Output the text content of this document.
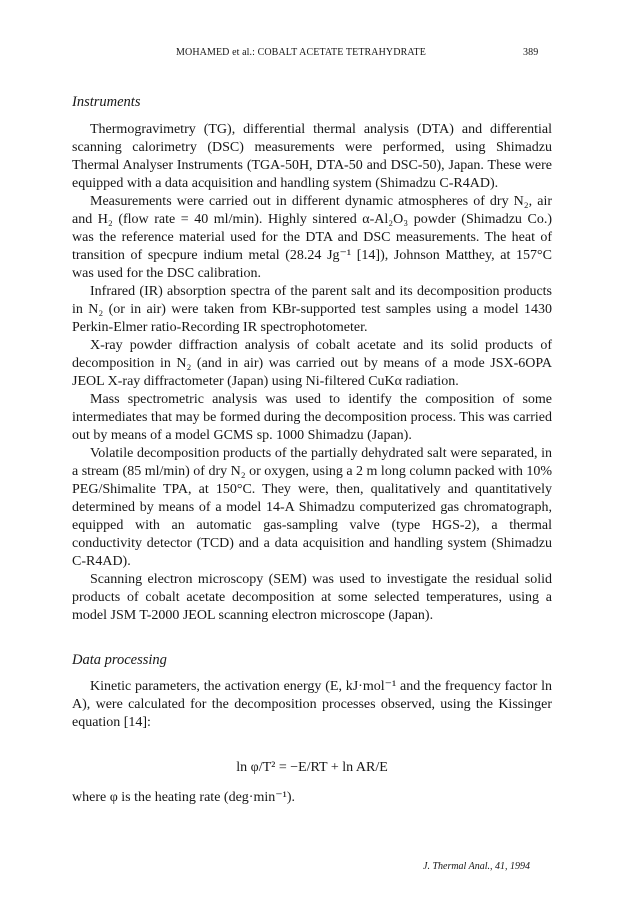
MOHAMED et al.: COBALT ACETATE TETRAHYDRATE	389
Instruments

Thermogravimetry (TG), differential thermal analysis (DTA) and differential scanning calorimetry (DSC) measurements were performed, using Shimadzu Thermal Analyser Instruments (TGA-50H, DTA-50 and DSC-50), Japan. These were equipped with a data acquisition and handling system (Shimadzu C-R4AD).

Measurements were carried out in different dynamic atmospheres of dry N₂, air and H₂ (flow rate = 40 ml/min). Highly sintered α-Al₂O₃ powder (Shimadzu Co.) was the reference material used for the DTA and DSC measurements. The heat of transition of specpure indium metal (28.24 Jg⁻¹ [14]), Johnson Matthey, at 157°C was used for the DSC calibration.

Infrared (IR) absorption spectra of the parent salt and its decomposition products in N₂ (or in air) were taken from KBr-supported test samples using a model 1430 Perkin-Elmer ratio-Recording IR spectrophotometer.

X-ray powder diffraction analysis of cobalt acetate and its solid products of decomposition in N₂ (and in air) was carried out by means of a mode JSX-6OPA JEOL X-ray diffractometer (Japan) using Ni-filtered CuKα radiation.

Mass spectrometric analysis was used to identify the composition of some intermediates that may be formed during the decomposition process. This was carried out by means of a model GCMS sp. 1000 Shimadzu (Japan).

Volatile decomposition products of the partially dehydrated salt were separated, in a stream (85 ml/min) of dry N₂ or oxygen, using a 2 m long column packed with 10% PEG/Shimalite TPA, at 150°C. They were, then, qualitatively and quantitatively determined by means of a model 14-A Shimadzu computerized gas chromatograph, equipped with an automatic gas-sampling valve (type HGS-2), a thermal conductivity detector (TCD) and a data acquisition and handling system (Shimadzu C-R4AD).

Scanning electron microscopy (SEM) was used to investigate the residual solid products of cobalt acetate decomposition at some selected temperatures, using a model JSM T-2000 JEOL scanning electron microscope (Japan).

Data processing

Kinetic parameters, the activation energy (E, kJ·mol⁻¹ and the frequency factor ln A), were calculated for the decomposition processes observed, using the Kissinger equation [14]:

ln φ/T² = −E/RT + ln AR/E
where φ is the heating rate (deg·min⁻¹).
J. Thermal Anal., 41, 1994
